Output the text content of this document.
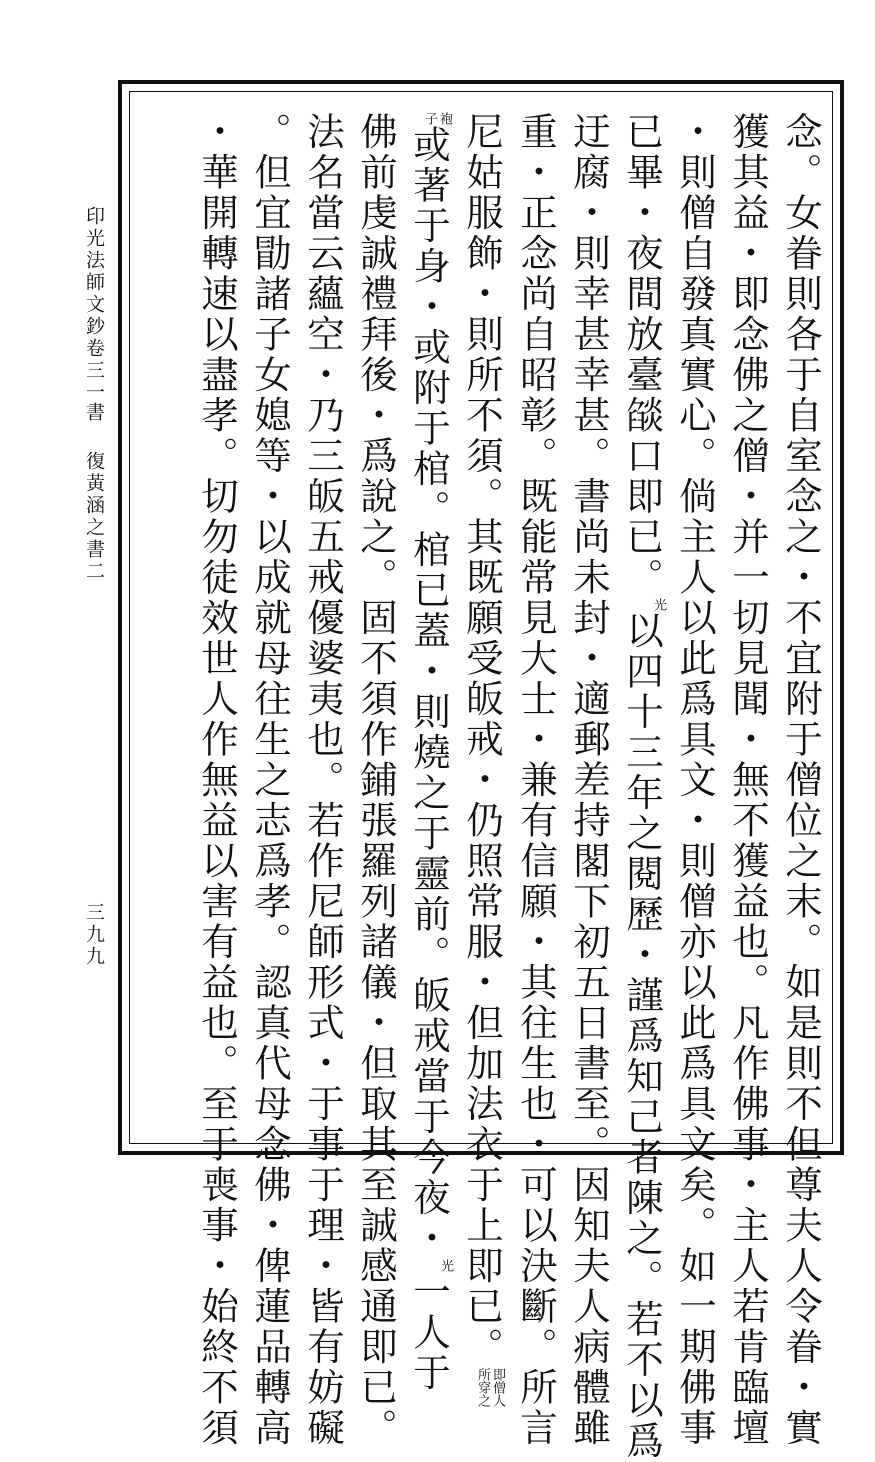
印光法師文鈔卷三一
書
復黃涵之書二
三九九	念。女眷則各于自室念之・不宜附于僧位之末。如是則不但尊夫人令眷・實
獲其益・即念佛之僧・并一切見聞・無不獲益也。凡作佛事・主人若肯臨壇
・則僧自發真實心。倘主人以此爲具文・則僧亦以此爲具文矣。如一期佛事
已畢・夜間放臺燄口即已。光以四十三年之閱歷・謹爲知己者陳之。若不以爲
迂腐・則幸甚幸甚。書尚未封・適郵差持閣下初五日書至。因知夫人病體雖
重・正念尚自昭彰。既能常見大士・兼有信願・其往生也・可以決斷。所言
尼姑服飾・則所不須。其既願受皈戒・仍照常服・但加法衣于上即已。即僧人
所穿之
袍
子或著于身・或附于棺。棺已蓋・則燒之于靈前。皈戒當于今夜・光一人于
佛前虔誠禮拜後・爲說之。固不須作鋪張羅列諸儀・但取其至誠感通即已。
法名當云蘊空・乃三皈五戒優婆夷也。若作尼師形式・于事于理・皆有妨礙
。但宜勖諸子女媳等・以成就母往生之志爲孝。認真代母念佛・俾蓮品轉高
・華開轉速以盡孝。切勿徒效世人作無益以害有益也。至于喪事・始終不須
